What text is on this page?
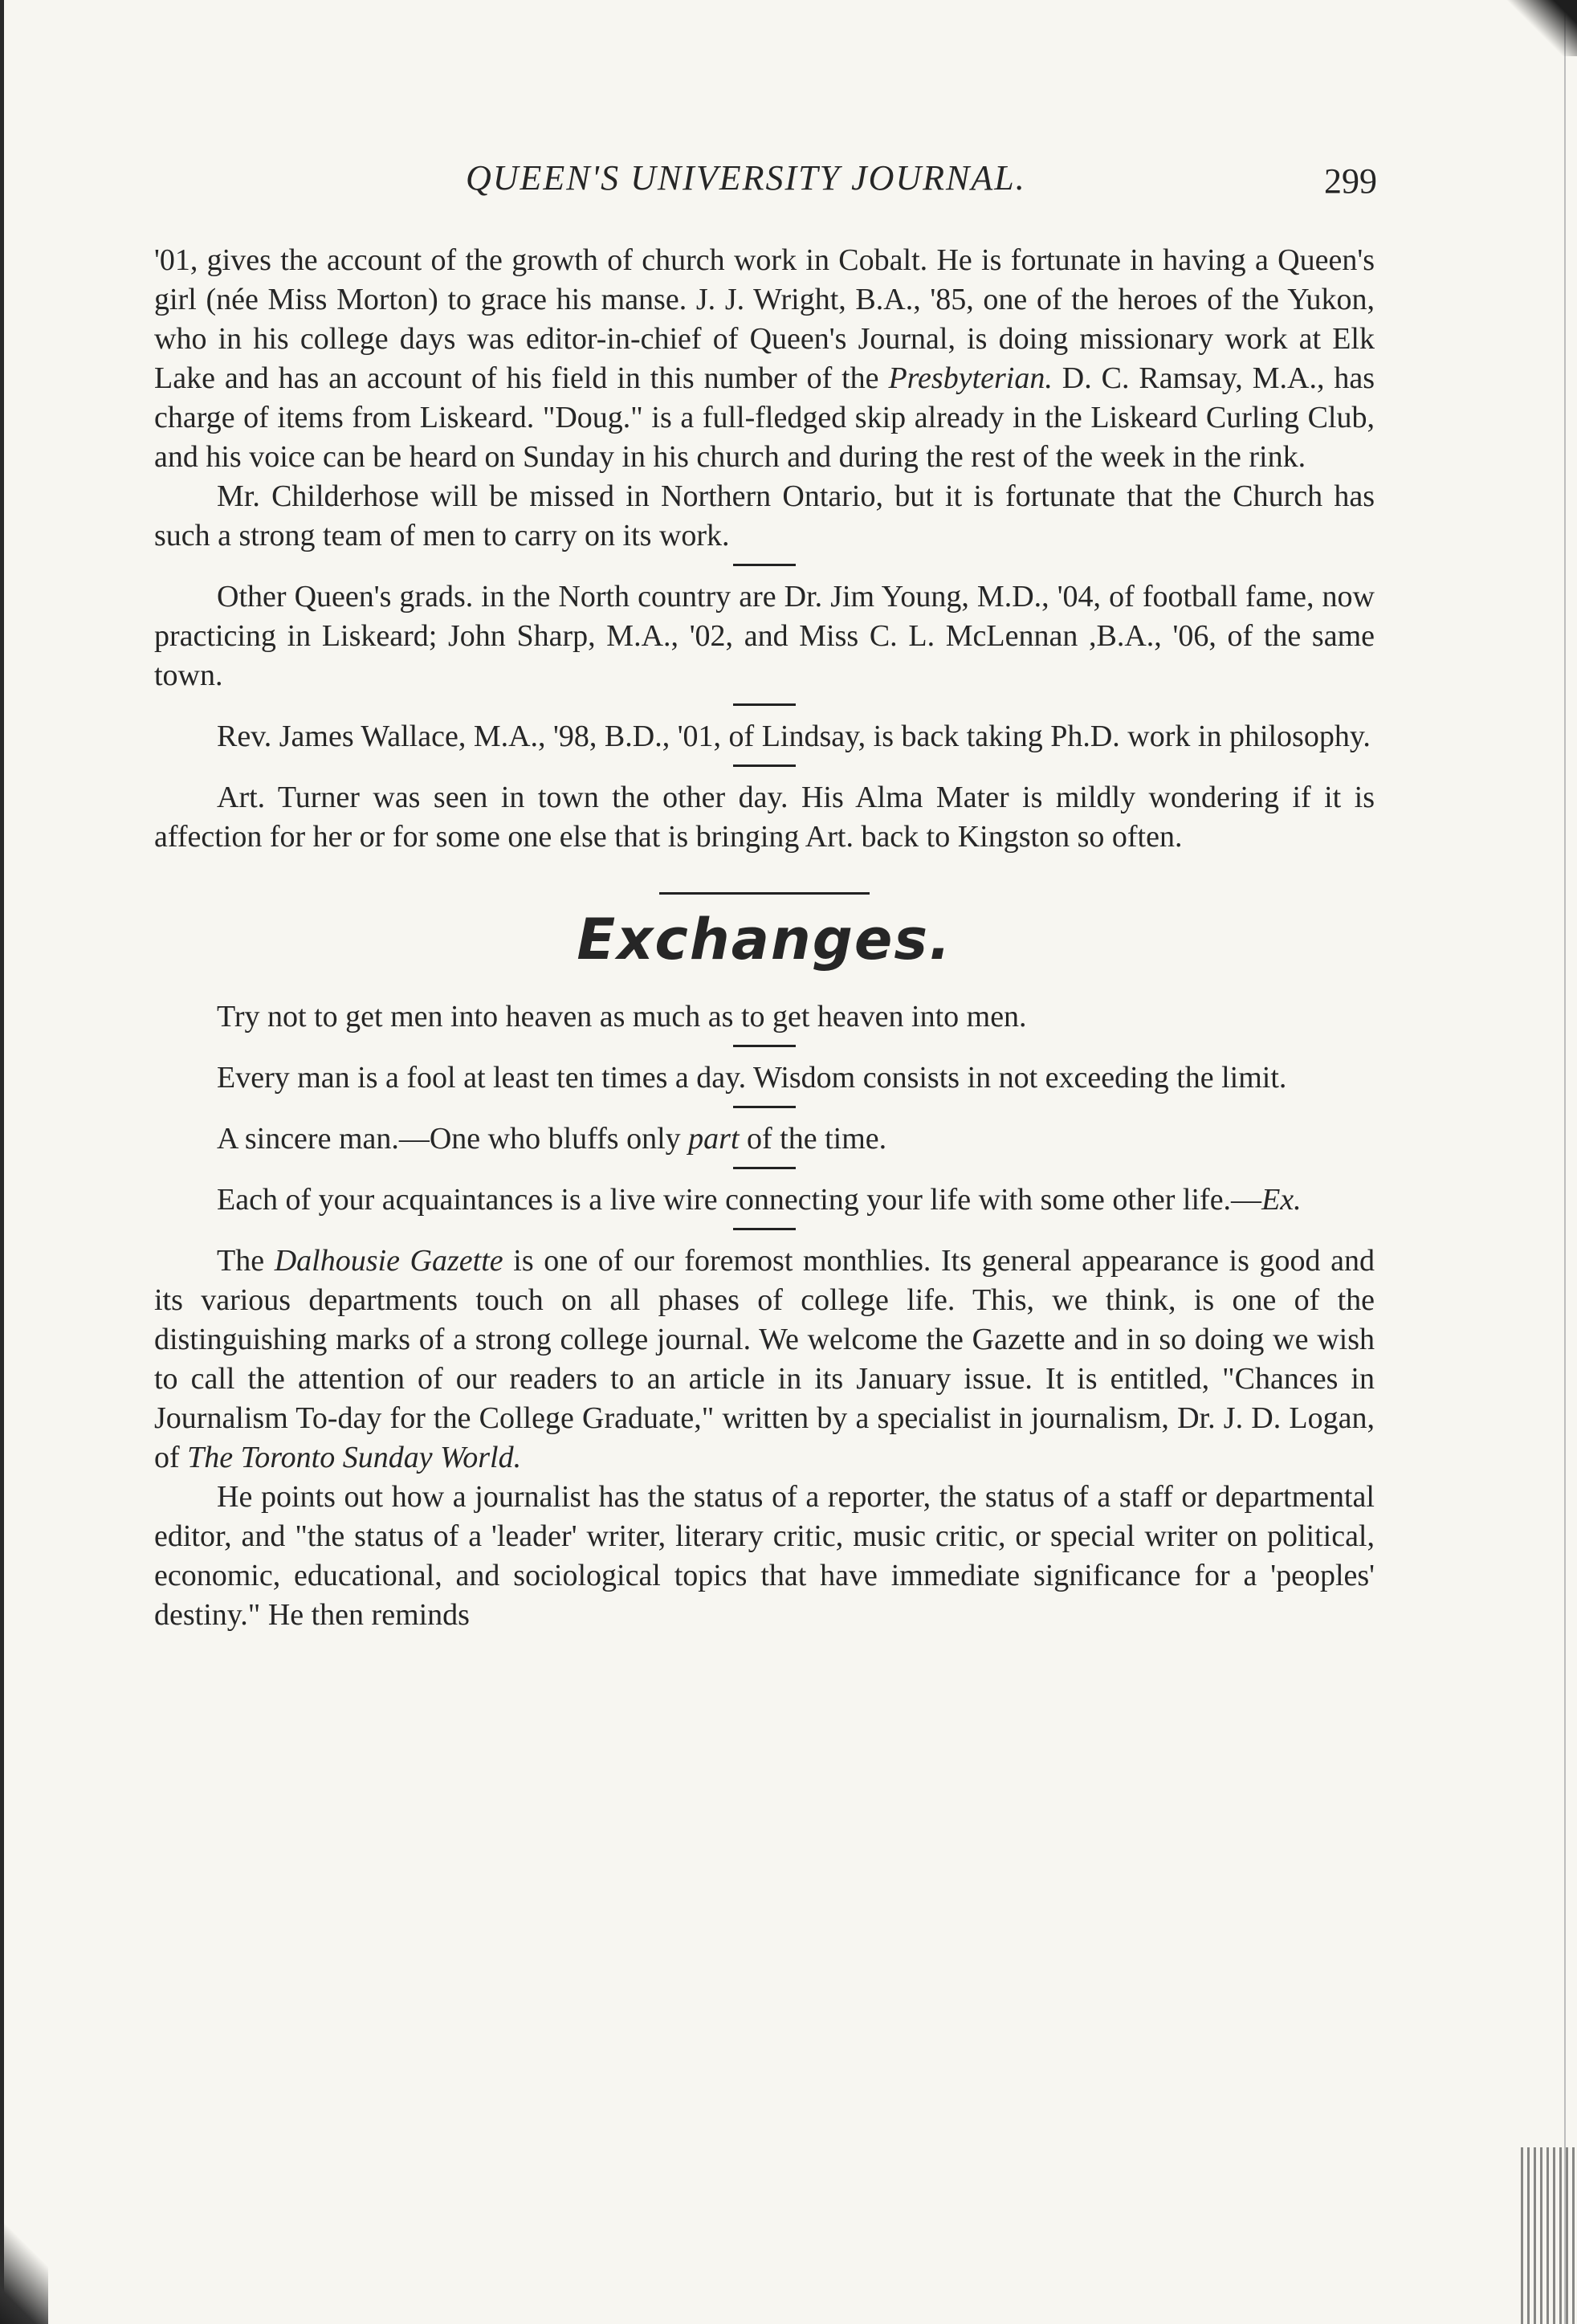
QUEEN'S UNIVERSITY JOURNAL.	299

'01, gives the account of the growth of church work in Cobalt. He is fortunate in having a Queen's girl (née Miss Morton) to grace his manse. J. J. Wright, B.A., '85, one of the heroes of the Yukon, who in his college days was editor-in-chief of Queen's Journal, is doing missionary work at Elk Lake and has an account of his field in this number of the Presbyterian. D. C. Ramsay, M.A., has charge of items from Liskeard. "Doug." is a full-fledged skip already in the Liskeard Curling Club, and his voice can be heard on Sunday in his church and during the rest of the week in the rink.

Mr. Childerhose will be missed in Northern Ontario, but it is fortunate that the Church has such a strong team of men to carry on its work.

Other Queen's grads. in the North country are Dr. Jim Young, M.D., '04, of football fame, now practicing in Liskeard; John Sharp, M.A., '02, and Miss C. L. McLennan ,B.A., '06, of the same town.

Rev. James Wallace, M.A., '98, B.D., '01, of Lindsay, is back taking Ph.D. work in philosophy.

Art. Turner was seen in town the other day. His Alma Mater is mildly wondering if it is affection for her or for some one else that is bringing Art. back to Kingston so often.

Exchanges.

Try not to get men into heaven as much as to get heaven into men.

Every man is a fool at least ten times a day. Wisdom consists in not exceeding the limit.

A sincere man.—One who bluffs only part of the time.

Each of your acquaintances is a live wire connecting your life with some other life.—Ex.

The Dalhousie Gazette is one of our foremost monthlies. Its general appearance is good and its various departments touch on all phases of college life. This, we think, is one of the distinguishing marks of a strong college journal. We welcome the Gazette and in so doing we wish to call the attention of our readers to an article in its January issue. It is entitled, "Chances in Journalism To-day for the College Graduate," written by a specialist in journalism, Dr. J. D. Logan, of The Toronto Sunday World.

He points out how a journalist has the status of a reporter, the status of a staff or departmental editor, and "the status of a 'leader' writer, literary critic, music critic, or special writer on political, economic, educational, and sociological topics that have immediate significance for a 'peoples' destiny." He then reminds
